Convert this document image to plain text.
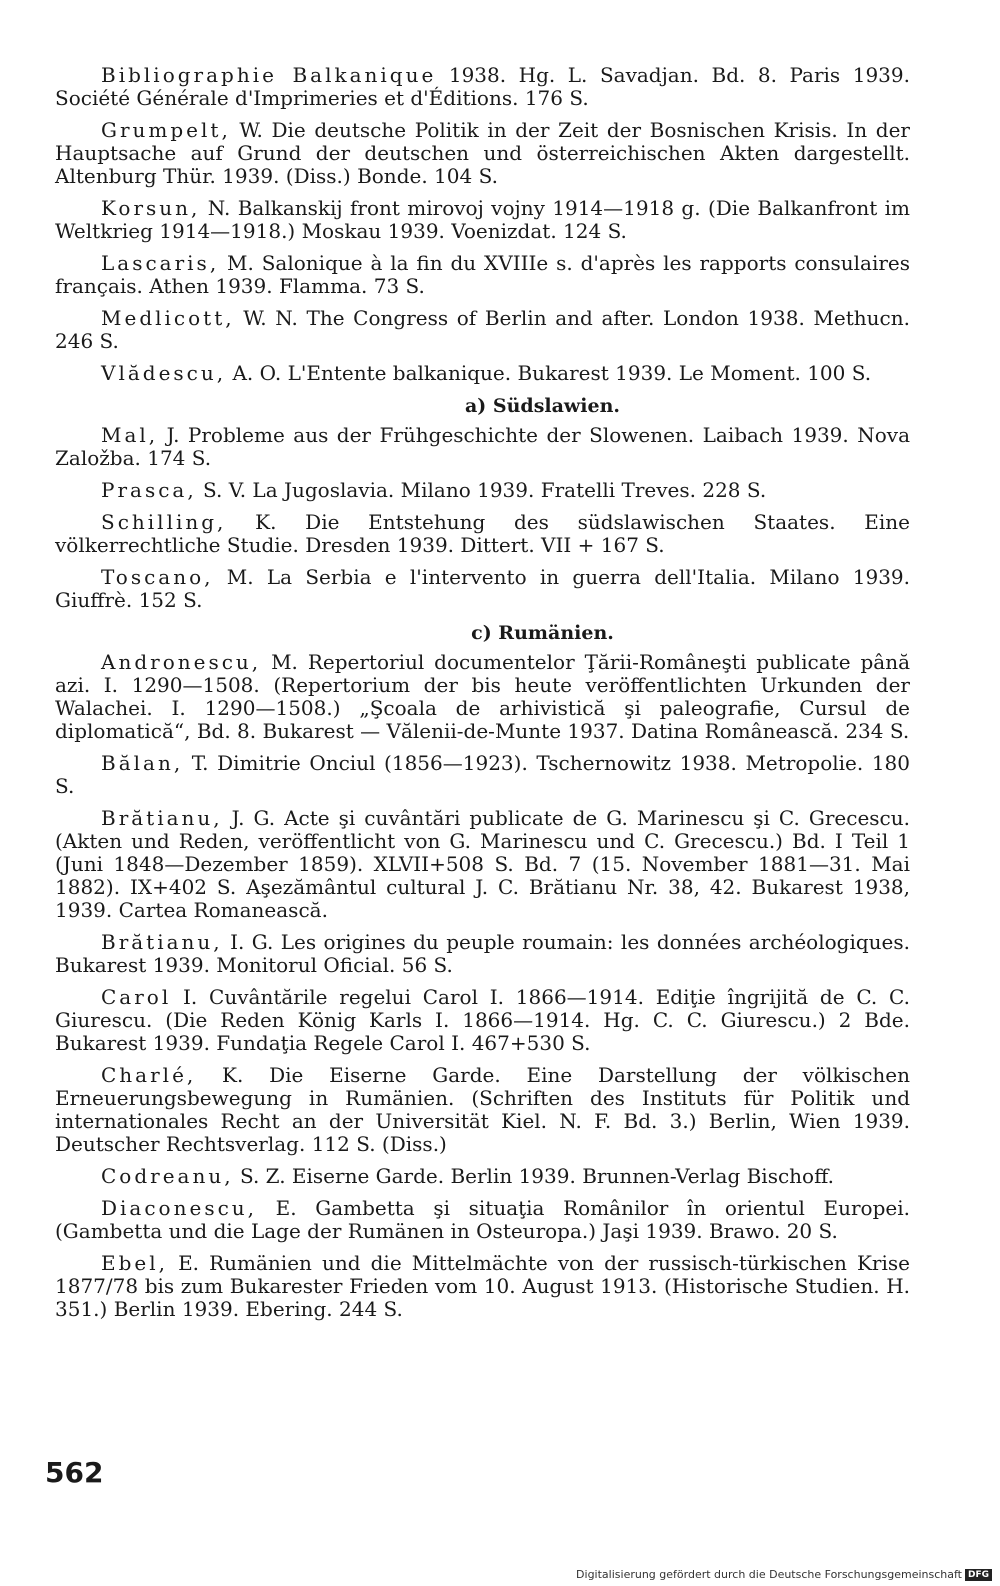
Bibliographie Balkanique 1938. Hg. L. Savadjan. Bd. 8. Paris 1939. Société Générale d'Imprimeries et d'Éditions. 176 S.

Grumpelt, W. Die deutsche Politik in der Zeit der Bosnischen Krisis. In der Hauptsache auf Grund der deutschen und österreichischen Akten dargestellt. Altenburg Thür. 1939. (Diss.) Bonde. 104 S.

Korsun, N. Balkanskij front mirovoj vojny 1914—1918 g. (Die Balkanfront im Weltkrieg 1914—1918.) Moskau 1939. Voenizdat. 124 S.

Lascaris, M. Salonique à la fin du XVIIIe s. d'après les rapports consulaires français. Athen 1939. Flamma. 73 S.

Medlicott, W. N. The Congress of Berlin and after. London 1938. Methucn. 246 S.

Vlădescu, A. O. L'Entente balkanique. Bukarest 1939. Le Moment. 100 S.

a) Südslawien.

Mal, J. Probleme aus der Frühgeschichte der Slowenen. Laibach 1939. Nova Založba. 174 S.

Prasca, S. V. La Jugoslavia. Milano 1939. Fratelli Treves. 228 S.

Schilling, K. Die Entstehung des südslawischen Staates. Eine völkerrechtliche Studie. Dresden 1939. Dittert. VII + 167 S.

Toscano, M. La Serbia e l'intervento in guerra dell'Italia. Milano 1939. Giuffrè. 152 S.

c) Rumänien.

Andronescu, M. Repertoriul documentelor Ţării-Româneşti publicate până azi. I. 1290—1508. (Repertorium der bis heute veröffentlichten Urkunden der Walachei. I. 1290—1508.) „Şcoala de arhivistică şi paleografie, Cursul de diplomatică“, Bd. 8. Bukarest — Vălenii-de-Munte 1937. Datina Românească. 234 S.

Bălan, T. Dimitrie Onciul (1856—1923). Tschernowitz 1938. Metropolie. 180 S.

Brătianu, J. G. Acte şi cuvântări publicate de G. Marinescu şi C. Grecescu. (Akten und Reden, veröffentlicht von G. Marinescu und C. Grecescu.) Bd. I Teil 1 (Juni 1848—Dezember 1859). XLVII+508 S. Bd. 7 (15. November 1881—31. Mai 1882). IX+402 S. Aşezământul cultural J. C. Brătianu Nr. 38, 42. Bukarest 1938, 1939. Cartea Romanească.

Brătianu, I. G. Les origines du peuple roumain: les données archéologiques. Bukarest 1939. Monitorul Oficial. 56 S.

Carol I. Cuvântările regelui Carol I. 1866—1914. Ediţie îngrijită de C. C. Giurescu. (Die Reden König Karls I. 1866—1914. Hg. C. C. Giurescu.) 2 Bde. Bukarest 1939. Fundaţia Regele Carol I. 467+530 S.

Charlé, K. Die Eiserne Garde. Eine Darstellung der völkischen Erneuerungsbewegung in Rumänien. (Schriften des Instituts für Politik und internationales Recht an der Universität Kiel. N. F. Bd. 3.) Berlin, Wien 1939. Deutscher Rechtsverlag. 112 S. (Diss.)

Codreanu, S. Z. Eiserne Garde. Berlin 1939. Brunnen-Verlag Bischoff.

Diaconescu, E. Gambetta şi situaţia Românilor în orientul Europei. (Gambetta und die Lage der Rumänen in Osteuropa.) Jaşi 1939. Brawo. 20 S.

Ebel, E. Rumänien und die Mittelmächte von der russisch-türkischen Krise 1877/78 bis zum Bukarester Frieden vom 10. August 1913. (Historische Studien. H. 351.) Berlin 1939. Ebering. 244 S.

562
Digitalisierung gefördert durch die Deutsche Forschungsgemeinschaft DFG
